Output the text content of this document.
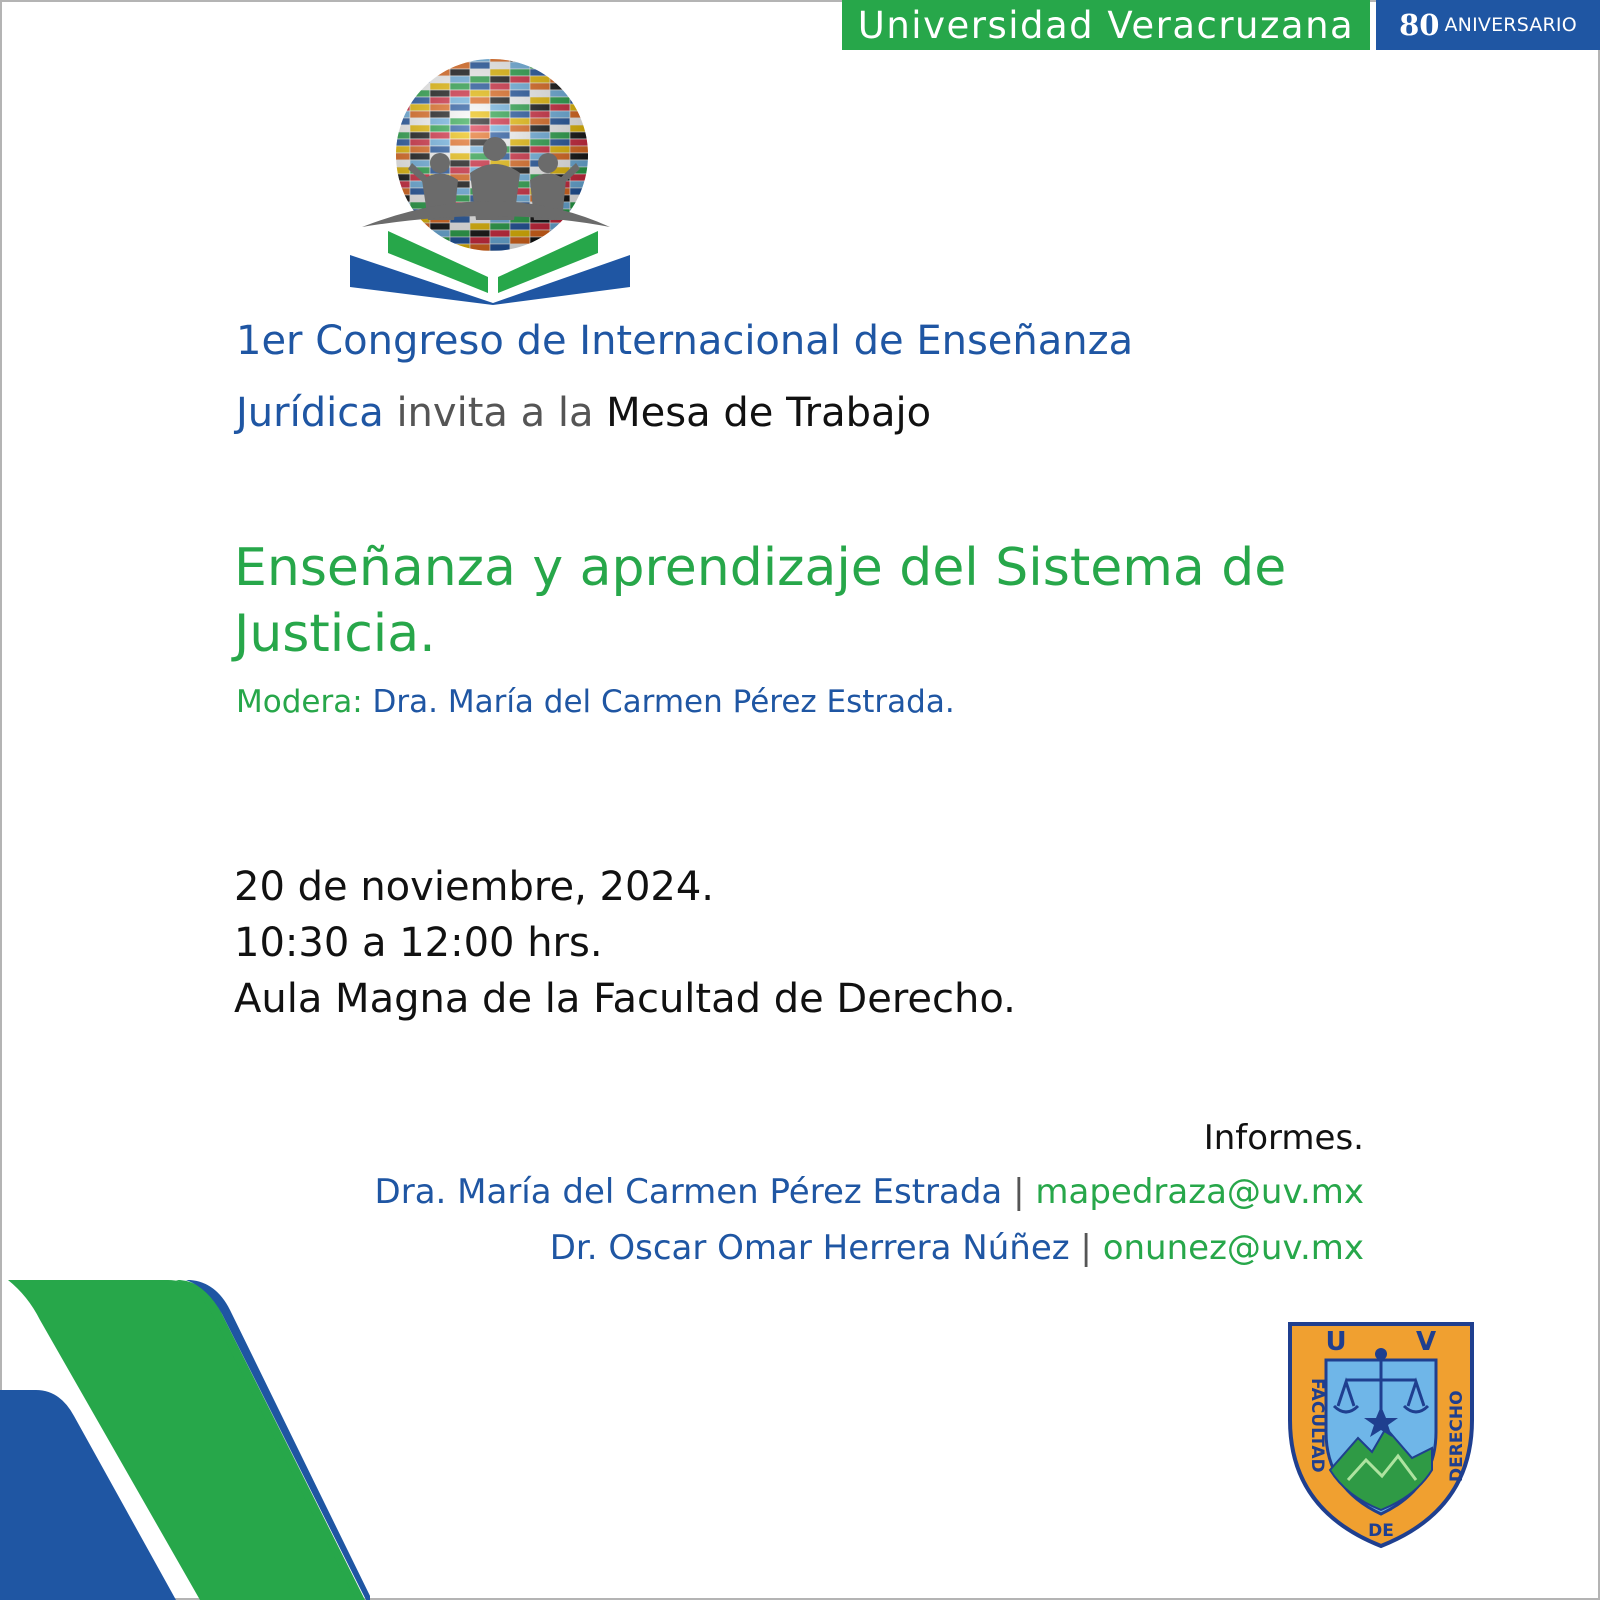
Universidad Veracruzana 80 ANIVERSARIO
1er Congreso de Internacional de Enseñanza
Jurídica invita a la Mesa de Trabajo
Enseñanza y aprendizaje del Sistema de
Justicia.
Modera: Dra. María del Carmen Pérez Estrada.
20 de noviembre, 2024.
10:30 a 12:00 hrs.
Aula Magna de la Facultad de Derecho.
Informes.
Dra. María del Carmen Pérez Estrada | mapedraza@uv.mx
Dr. Oscar Omar Herrera Núñez | onunez@uv.mx
U	V
FACULTAD	DERECHO
DE
